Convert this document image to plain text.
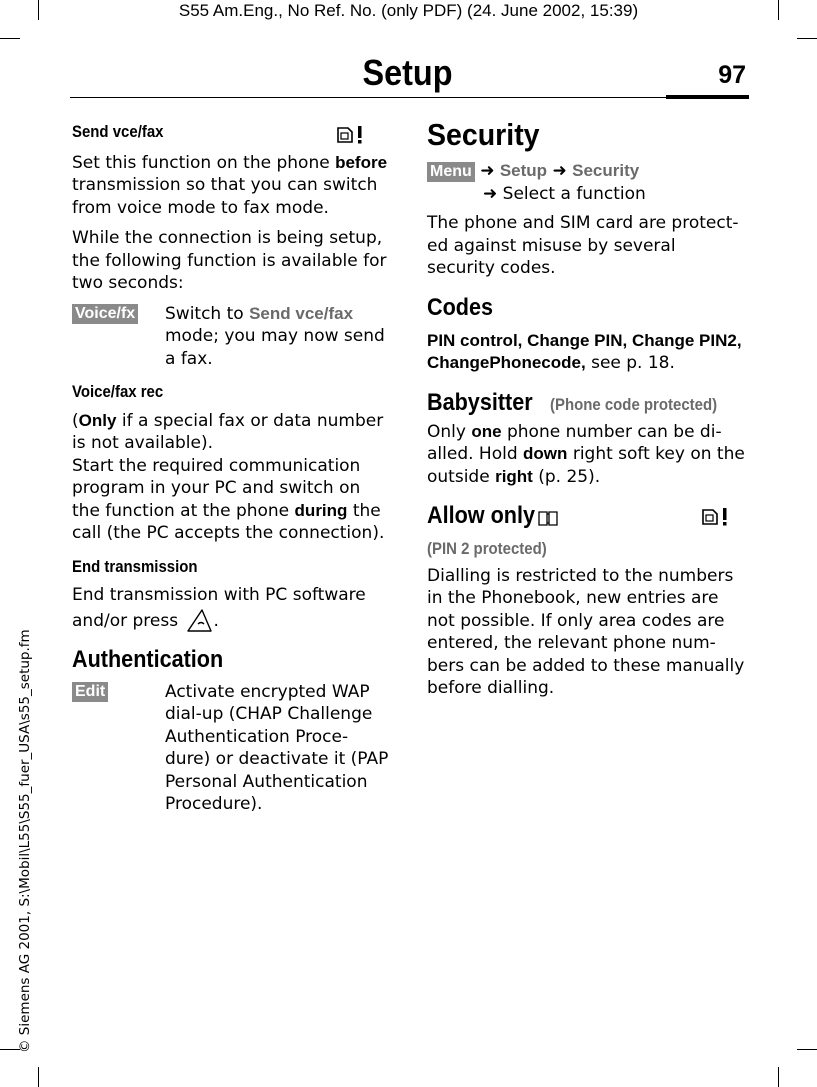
S55 Am.Eng., No Ref. No. (only PDF) (24. June 2002, 15:39)
© Siemens AG 2001, S:\Mobil\L55\S55_fuer_USA\s55_setup.fm
Setup	97
Send vce/fax

Set this function on the phone before transmission so that you can switch from voice mode to fax mode.

While the connection is being setup, the following function is available for two seconds:

Voice/fx Switch to Send vce/fax mode; you may now send a fax.
Voice/fax rec

(Only if a special fax or data number is not available).

Start the required communication program in your PC and switch on the function at the phone during the call (the PC accepts the connection).

End transmission

End transmission with PC software and/or press .

Authentication
Edit	Activate encrypted WAP dial-up (CHAP Challenge Authentication Proce-dure) or deactivate it (PAP Personal Authentication Procedure).
Security
Menu ➜ Setup ➜ Security
➜ Select a function

The phone and SIM card are protect-ed against misuse by several security codes.

Codes

PIN control, Change PIN, Change PIN2, ChangePhonecode, see p. 18.

Babysitter (Phone code protected)

Only one phone number can be di-alled. Hold down right soft key on the outside right (p. 25).

Allow only
(PIN 2 protected)

Dialling is restricted to the numbers in the Phonebook, new entries are not possible. If only area codes are entered, the relevant phone num-bers can be added to these manually before dialling.
